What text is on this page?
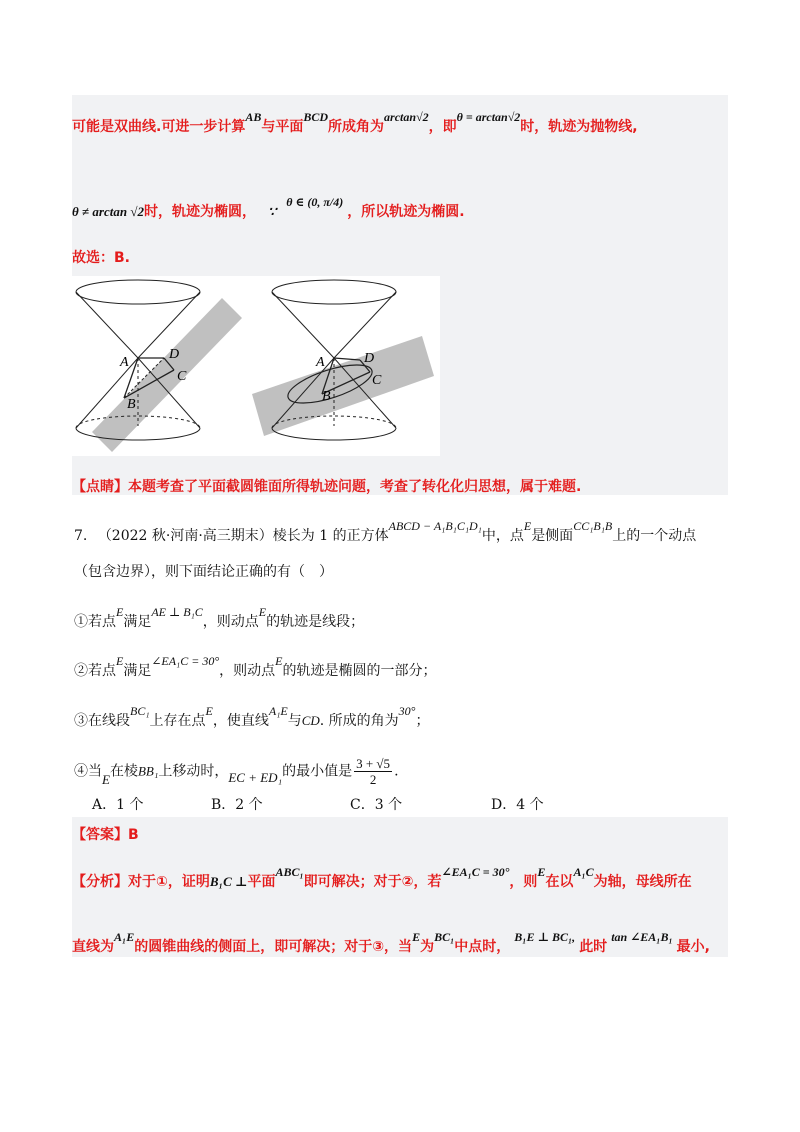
可能是双曲线.可进一步计算AB与平面BCD所成角为arctan√2，即θ = arctan√2时，轨迹为抛物线,
θ ≠ arctan √2时，轨迹为椭圆， ∵θ ∈ (0, π/4)，所以轨迹为椭圆.
故选：B.
A
D
C
B
A	D
C
B
【点睛】本题考查了平面截圆锥面所得轨迹问题，考查了转化化归思想，属于难题.
7. （2022 秋·河南·高三期末）棱长为 1 的正方体ABCD − A₁B₁C₁D₁中，点E是侧面CC₁B₁B上的一个动点
（包含边界），则下面结论正确的有（　）
①若点E满足AE ⊥ B₁C，则动点E的轨迹是线段；
②若点E满足∠EA₁C = 30°，则动点E的轨迹是椭圆的一部分；
③在线段BC₁上存在点E，使直线A₁E与CD. 所成的角为30°；
④当E在棱BB₁上移动时，EC + ED₁的最小值是 $\frac{3 + √5}{2}$ .
A．1 个	B．2 个	C．3 个	D．4 个
【答案】B
【分析】对于①，证明B₁C ⊥平面ABC₁即可解决；对于②，若∠EA₁C = 30°，则E在以A₁C为轴，母线所在
直线为A₁E的圆锥曲线的侧面上，即可解决；对于③，当E为BC₁中点时，B₁E ⊥ BC₁,此时tan ∠EA₁B₁最小,
